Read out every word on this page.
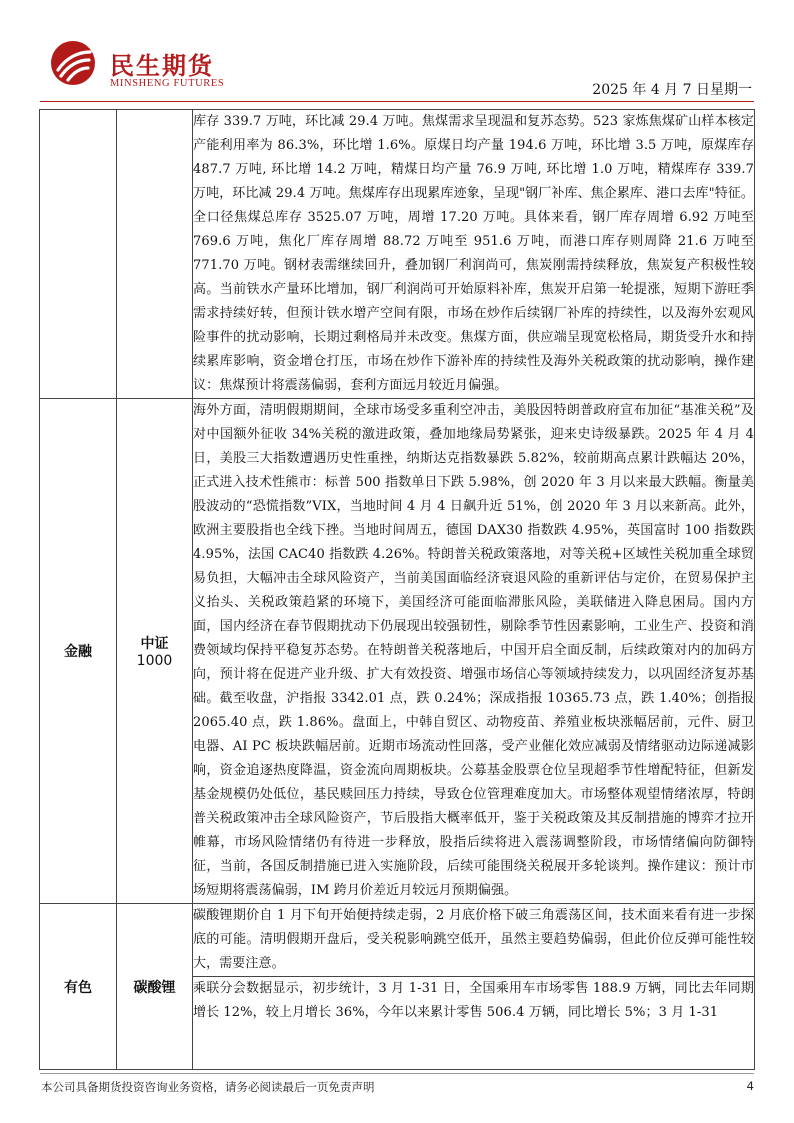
民生期货
MINSHENG FUTURES	2025 年 4 月 7 日星期一

		库存 339.7 万吨，环比减 29.4 万吨。焦煤需求呈现温和复苏态势。523 家炼焦煤矿山样本核定产能利用率为 86.3%，环比增 1.6%。原煤日均产量 194.6 万吨，环比增 3.5 万吨，原煤库存 487.7 万吨, 环比增 14.2 万吨，精煤日均产量 76.9 万吨, 环比增 1.0 万吨，精煤库存 339.7 万吨，环比减 29.4 万吨。焦煤库存出现累库迹象，呈现"钢厂补库、焦企累库、港口去库"特征。全口径焦煤总库存 3525.07 万吨，周增 17.20 万吨。具体来看，钢厂库存周增 6.92 万吨至 769.6 万吨，焦化厂库存周增 88.72 万吨至 951.6 万吨，而港口库存则周降 21.6 万吨至 771.70 万吨。钢材表需继续回升，叠加钢厂利润尚可，焦炭刚需持续释放，焦炭复产积极性较高。当前铁水产量环比增加，钢厂利润尚可开始原料补库，焦炭开启第一轮提涨，短期下游旺季需求持续好转，但预计铁水增产空间有限，市场在炒作后续钢厂补库的持续性，以及海外宏观风险事件的扰动影响，长期过剩格局并未改变。焦煤方面，供应端呈现宽松格局，期货受升水和持续累库影响，资金增仓打压，市场在炒作下游补库的持续性及海外关税政策的扰动影响，操作建议：焦煤预计将震荡偏弱，套利方面远月较近月偏强。

金融	中证
1000	海外方面，清明假期期间，全球市场受多重利空冲击，美股因特朗普政府宣布加征“基准关税”及对中国额外征收 34%关税的激进政策，叠加地缘局势紧张，迎来史诗级暴跌。2025 年 4 月 4 日，美股三大指数遭遇历史性重挫，纳斯达克指数暴跌 5.82%，较前期高点累计跌幅达 20%，正式进入技术性熊市：标普 500 指数单日下跌 5.98%，创 2020 年 3 月以来最大跌幅。衡量美股波动的“恐慌指数”VIX，当地时间 4 月 4 日飙升近 51%，创 2020 年 3 月以来新高。此外，欧洲主要股指也全线下挫。当地时间周五，德国 DAX30 指数跌 4.95%，英国富时 100 指数跌 4.95%，法国 CAC40 指数跌 4.26%。特朗普关税政策落地，对等关税+区域性关税加重全球贸易负担，大幅冲击全球风险资产，当前美国面临经济衰退风险的重新评估与定价，在贸易保护主义抬头、关税政策趋紧的环境下，美国经济可能面临滞胀风险，美联储进入降息困局。国内方面，国内经济在春节假期扰动下仍展现出较强韧性，剔除季节性因素影响，工业生产、投资和消费领域均保持平稳复苏态势。在特朗普关税落地后，中国开启全面反制，后续政策对内的加码方向，预计将在促进产业升级、扩大有效投资、增强市场信心等领域持续发力，以巩固经济复苏基础。截至收盘，沪指报 3342.01 点，跌 0.24%；深成指报 10365.73 点，跌 1.40%；创指报 2065.40 点，跌 1.86%。盘面上，中韩自贸区、动物疫苗、养殖业板块涨幅居前，元件、厨卫电器、AI PC 板块跌幅居前。近期市场流动性回落，受产业催化效应减弱及情绪驱动边际递减影响，资金追逐热度降温，资金流向周期板块。公募基金股票仓位呈现超季节性增配特征，但新发基金规模仍处低位，基民赎回压力持续，导致仓位管理难度加大。市场整体观望情绪浓厚，特朗普关税政策冲击全球风险资产，节后股指大概率低开，鉴于关税政策及其反制措施的博弈才拉开帷幕，市场风险情绪仍有待进一步释放，股指后续将进入震荡调整阶段，市场情绪偏向防御特征，当前，各国反制措施已进入实施阶段，后续可能围绕关税展开多轮谈判。操作建议：预计市场短期将震荡偏弱，IM 跨月价差近月较远月预期偏强。

有色	碳酸锂	碳酸锂期价自 1 月下旬开始便持续走弱，2 月底价格下破三角震荡区间，技术面来看有进一步探底的可能。清明假期开盘后，受关税影响跳空低开，虽然主要趋势偏弱，但此价位反弹可能性较大，需要注意。

		乘联分会数据显示，初步统计，3 月 1-31 日，全国乘用车市场零售 188.9 万辆，同比去年同期增长 12%，较上月增长 36%，今年以来累计零售 506.4 万辆，同比增长 5%；3 月 1-31

本公司具备期货投资咨询业务资格，请务必阅读最后一页免责声明	4
